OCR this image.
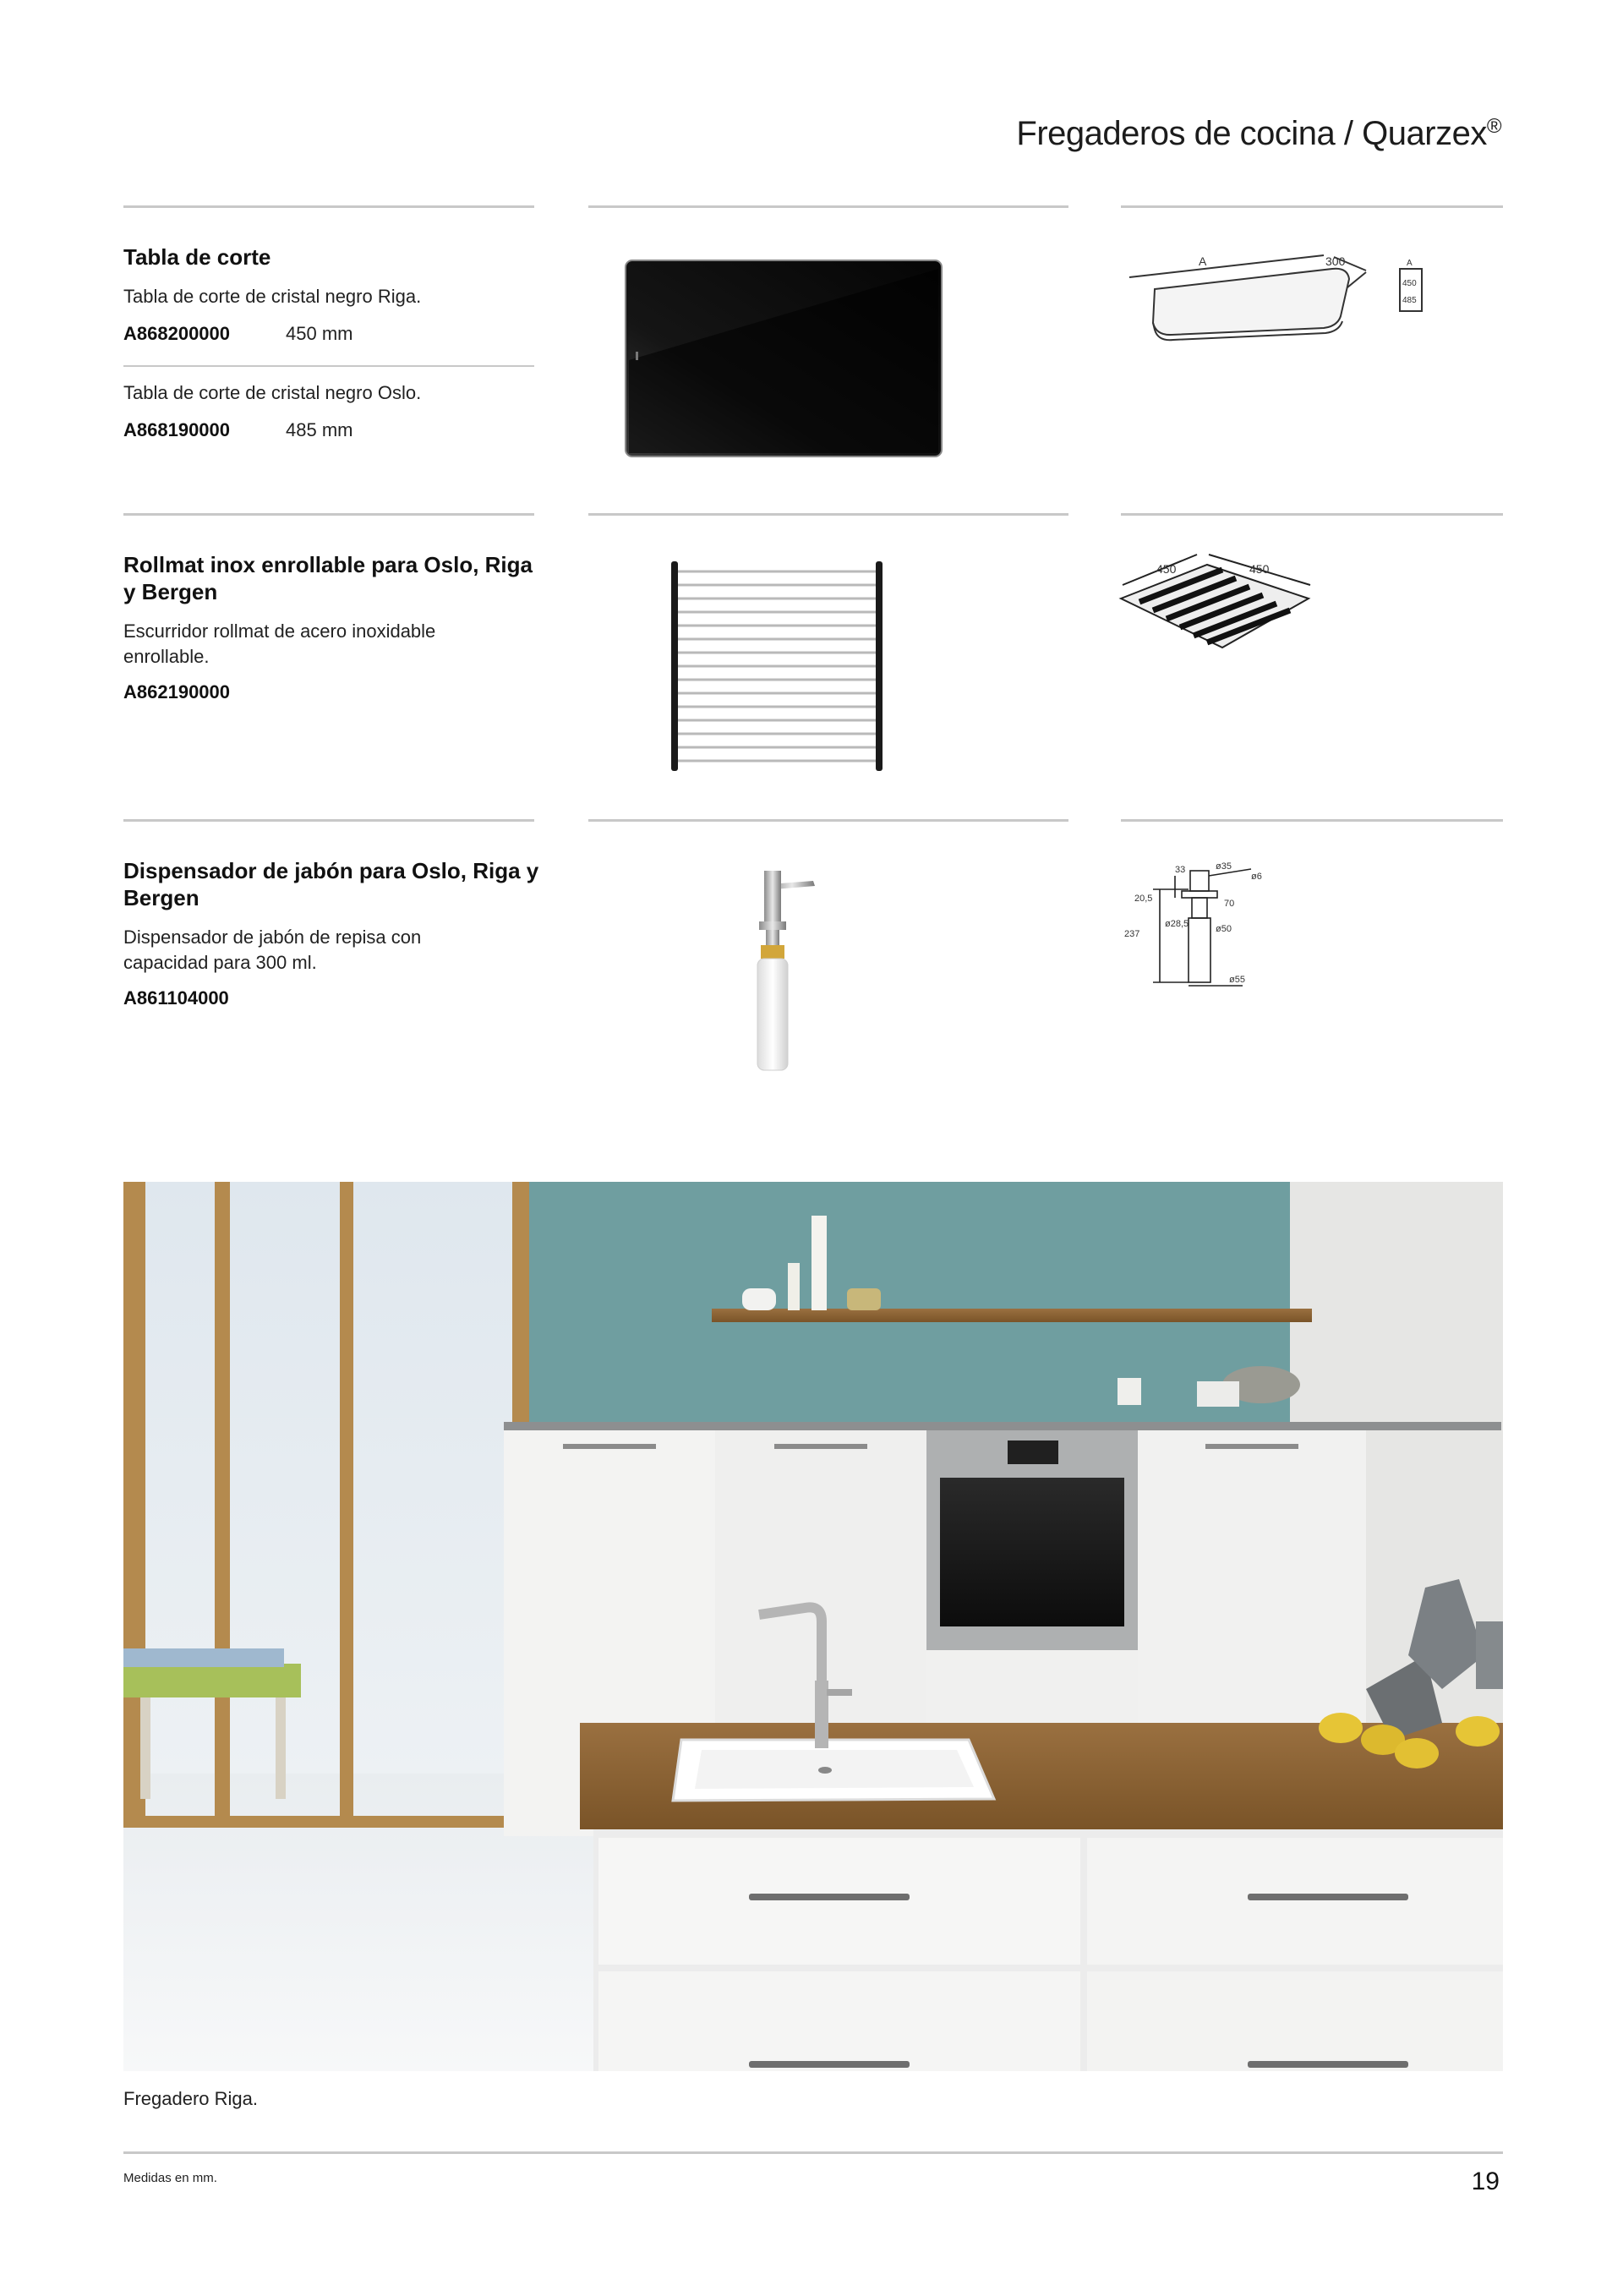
Fregaderos de cocina / Quarzex®
Tabla de corte
Tabla de corte de cristal negro Riga.
A868200000	450 mm
Tabla de corte de cristal negro Oslo.
A868190000	485 mm
A	300	A
450
485
Rollmat inox enrollable para Oslo, Riga y Bergen
Escurridor rollmat de acero inoxidable enrollable.
A862190000
450	450
Dispensador de jabón para Oslo, Riga y Bergen
Dispensador de jabón de repisa con capacidad para 300 ml.
A861104000
ø35
ø6
33
20,5	70
237
ø28,5	ø50
ø55
Fregadero Riga.
Medidas en mm.	19
